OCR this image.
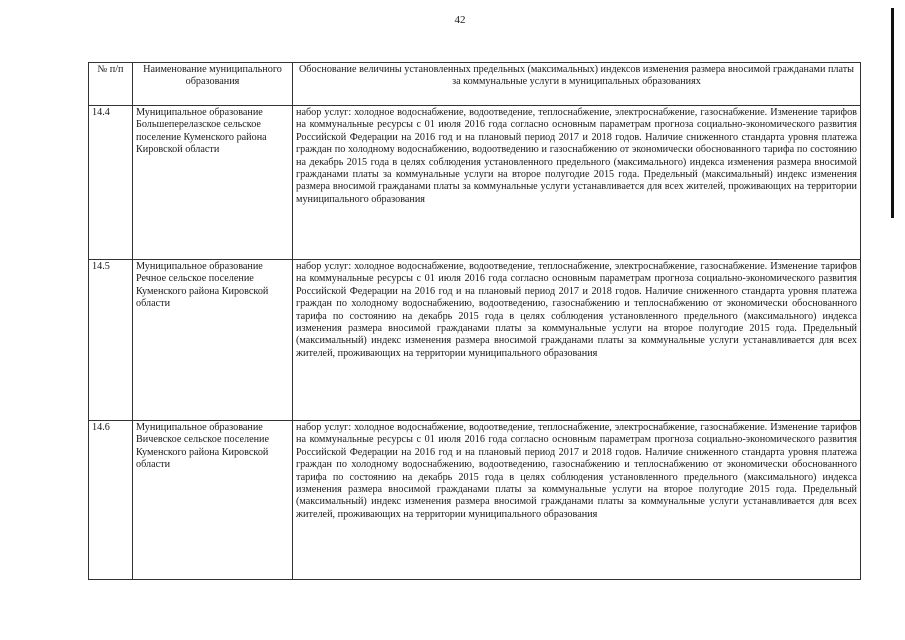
42
№ п/п	Наименование муниципального образования	Обоснование величины установленных предельных (максимальных) индексов изменения размера вносимой гражданами платы за коммунальные услуги в муниципальных образованиях
14.4	Муниципальное образование Большеперелазское сельское поселение Куменского района Кировской области	набор услуг: холодное водоснабжение, водоотведение, теплоснабжение, электроснабжение, газоснабжение. Изменение тарифов на коммунальные ресурсы с 01 июля 2016 года согласно основным параметрам прогноза социально-экономического развития Российской Федерации на 2016 год и на плановый период 2017 и 2018 годов. Наличие сниженного стандарта уровня платежа граждан по холодному водоснабжению, водоотведению и газоснабжению от экономически обоснованного тарифа по состоянию на декабрь 2015 года в целях соблюдения установленного предельного (максимального) индекса изменения размера вносимой гражданами платы за коммунальные услуги на второе полугодие 2015 года. Предельный (максимальный) индекс изменения размера вносимой гражданами платы за коммунальные услуги устанавливается для всех жителей, проживающих на территории муниципального образования
14.5	Муниципальное образование Речное сельское поселение Куменского района Кировской области	набор услуг: холодное водоснабжение, водоотведение, теплоснабжение, электроснабжение, газоснабжение. Изменение тарифов на коммунальные ресурсы с 01 июля 2016 года согласно основным параметрам прогноза социально-экономического развития Российской Федерации на 2016 год и на плановый период 2017 и 2018 годов. Наличие сниженного стандарта уровня платежа граждан по холодному водоснабжению, водоотведению, газоснабжению и теплоснабжению от экономически обоснованного тарифа по состоянию на декабрь 2015 года в целях соблюдения установленного предельного (максимального) индекса изменения размера вносимой гражданами платы за коммунальные услуги на второе полугодие 2015 года. Предельный (максимальный) индекс изменения размера вносимой гражданами платы за коммунальные услуги устанавливается для всех жителей, проживающих на территории муниципального образования
14.6	Муниципальное образование Вичевское сельское поселение Куменского района Кировской области	набор услуг: холодное водоснабжение, водоотведение, теплоснабжение, электроснабжение, газоснабжение. Изменение тарифов на коммунальные ресурсы с 01 июля 2016 года согласно основным параметрам прогноза социально-экономического развития Российской Федерации на 2016 год и на плановый период 2017 и 2018 годов. Наличие сниженного стандарта уровня платежа граждан по холодному водоснабжению, водоотведению, газоснабжению и теплоснабжению от экономически обоснованного тарифа по состоянию на декабрь 2015 года в целях соблюдения установленного предельного (максимального) индекса изменения размера вносимой гражданами платы за коммунальные услуги на второе полугодие 2015 года. Предельный (максимальный) индекс изменения размера вносимой гражданами платы за коммунальные услуги устанавливается для всех жителей, проживающих на территории муниципального образования
